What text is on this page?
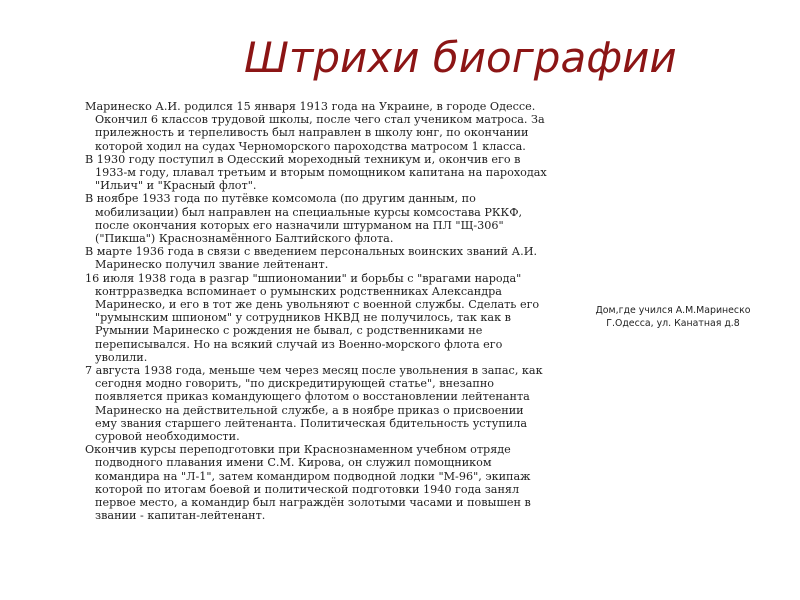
Штрихи биографии

Маринеско А.И. родился 15 января 1913 года на Украине, в городе Одессе. Окончил 6 классов трудовой школы, после чего стал учеником матроса. За прилежность и терпеливость был направлен в школу юнг, по окончании которой ходил на судах Черноморского пароходства матросом 1 класса.

В 1930 году поступил в Одесский мореходный техникум и, окончив его в 1933-м году, плавал третьим и вторым помощником капитана на пароходах "Ильич" и "Красный флот".

В ноябре 1933 года по путёвке комсомола (по другим данным, по мобилизации) был направлен на специальные курсы комсостава РККФ, после окончания которых его назначили штурманом на ПЛ "Щ-306" ("Пикша") Краснознамённого Балтийского флота.

В марте 1936 года в связи с введением персональных воинских званий А.И. Маринеско получил звание лейтенант.

16 июля 1938 года в разгар "шпиономании" и борьбы с "врагами народа" контрразведка вспоминает о румынских родственниках Александра Маринеско, и его в тот же день увольняют с военной службы. Сделать его "румынским шпионом" у сотрудников НКВД не получилось, так как в Румынии Маринеско с рождения не бывал, с родственниками не переписывался. Но на всякий случай из Военно-морского флота его уволили.

7 августа 1938 года, меньше чем через месяц после увольнения в запас, как сегодня модно говорить, "по дискредитирующей статье", внезапно появляется приказ командующего флотом о восстановлении лейтенанта Маринеско на действительной службе, а в ноябре приказ о присвоении ему звания старшего лейтенанта. Политическая бдительность уступила суровой необходимости.

Окончив курсы переподготовки при Краснознаменном учебном отряде подводного плавания имени С.М. Кирова, он служил помощником командира на "Л-1", затем командиром подводной лодки "М-96", экипаж которой по итогам боевой и политической подготовки 1940 года занял первое место, а командир был награждён золотыми часами и повышен в звании - капитан-лейтенант.

Дом,где учился А.М.Маринеско
Г.Одесса, ул. Канатная д.8
